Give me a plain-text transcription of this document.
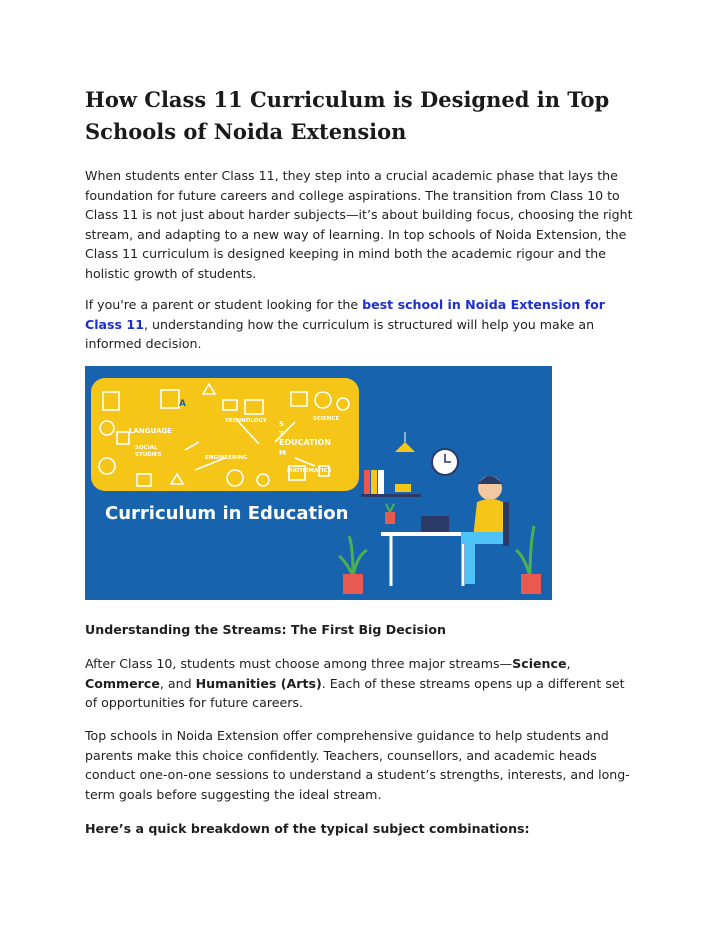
How Class 11 Curriculum is Designed in Top Schools of Noida Extension

When students enter Class 11, they step into a crucial academic phase that lays the foundation for future careers and college aspirations. The transition from Class 10 to Class 11 is not just about harder subjects—it’s about building focus, choosing the right stream, and adapting to a new way of learning. In top schools of Noida Extension, the Class 11 curriculum is designed keeping in mind both the academic rigour and the holistic growth of students.

If you're a parent or student looking for the best school in Noida Extension for Class 11, understanding how the curriculum is structured will help you make an informed decision.

A
LANGUAGE
TECHNOLOGY	SCIENCE
S
T
EDUCATION
M
SOCIAL
STUDIES	ENGINEERING
MATHEMATICS
Curriculum in Education

Understanding the Streams: The First Big Decision

After Class 10, students must choose among three major streams—Science, Commerce, and Humanities (Arts). Each of these streams opens up a different set of opportunities for future careers.

Top schools in Noida Extension offer comprehensive guidance to help students and parents make this choice confidently. Teachers, counsellors, and academic heads conduct one-on-one sessions to understand a student’s strengths, interests, and long-term goals before suggesting the ideal stream.

Here’s a quick breakdown of the typical subject combinations:
